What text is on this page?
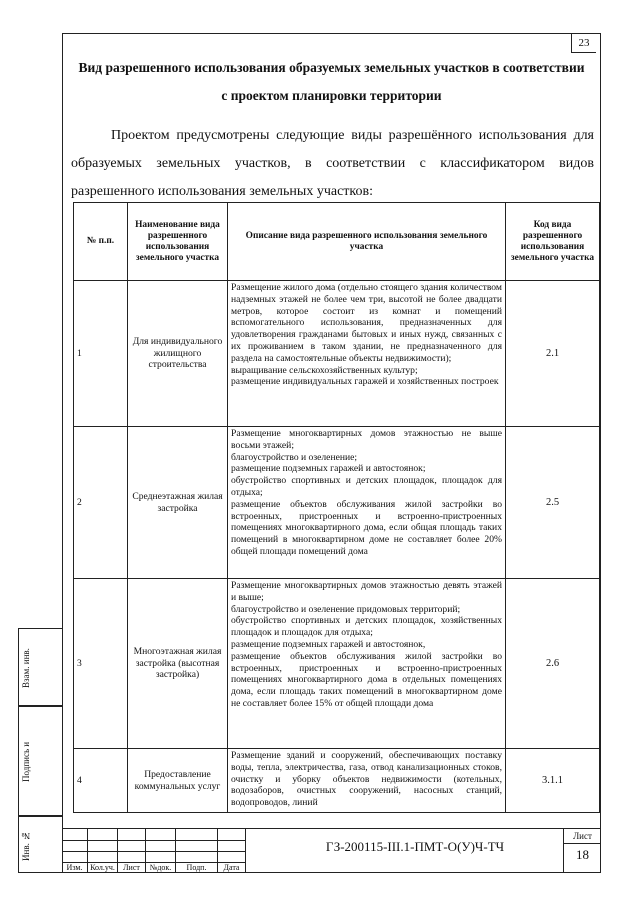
23
Вид разрешенного использования образуемых земельных участков в соответствии с проектом планировки территории
Проектом предусмотрены следующие виды разрешённого использования для образуемых земельных участков, в соответствии с классификатором видов разрешенного использования земельных участков:
№ п.п.	Наименование вида разрешенного использования земельного участка	Описание вида разрешенного использования земельного участка	Код вида разрешенного использования земельного участка
1	Для индивидуального жилищного строительства	Размещение жилого дома (отдельно стоящего здания количеством надземных этажей не более чем три, высотой не более двадцати метров, которое состоит из комнат и помещений вспомогательного использования, предназначенных для удовлетворения гражданами бытовых и иных нужд, связанных с их проживанием в таком здании, не предназначенного для раздела на самостоятельные объекты недвижимости);
выращивание сельскохозяйственных культур;
размещение индивидуальных гаражей и хозяйственных построек	2.1
2	Среднеэтажная жилая застройка	Размещение многоквартирных домов этажностью не выше восьми этажей;
благоустройство и озеленение;
размещение подземных гаражей и автостоянок;
обустройство спортивных и детских площадок, площадок для отдыха;
размещение объектов обслуживания жилой застройки во встроенных, пристроенных и встроенно-пристроенных помещениях многоквартирного дома, если общая площадь таких помещений в многоквартирном доме не составляет более 20% общей площади помещений дома	2.5
3	Многоэтажная жилая застройка (высотная застройка)	Размещение многоквартирных домов этажностью девять этажей и выше;
благоустройство и озеленение придомовых территорий;
обустройство спортивных и детских площадок, хозяйственных площадок и площадок для отдыха;
размещение подземных гаражей и автостоянок,
размещение объектов обслуживания жилой застройки во встроенных, пристроенных и встроенно-пристроенных помещениях многоквартирного дома в отдельных помещениях дома, если площадь таких помещений в многоквартирном доме не составляет более 15% от общей площади дома	2.6
4	Предоставление коммунальных услуг	Размещение зданий и сооружений, обеспечивающих поставку воды, тепла, электричества, газа, отвод канализационных стоков, очистку и уборку объектов недвижимости (котельных, водозаборов, очистных сооружений, насосных станций, водопроводов, линий	3.1.1
Взам. инв.
Подпись и
Инв. №
Изм. Кол.уч.	Лист	№док.	Подп.	Дата
ГЗ-200115-III.1-ПМТ-О(У)Ч-ТЧ
Лист
18
